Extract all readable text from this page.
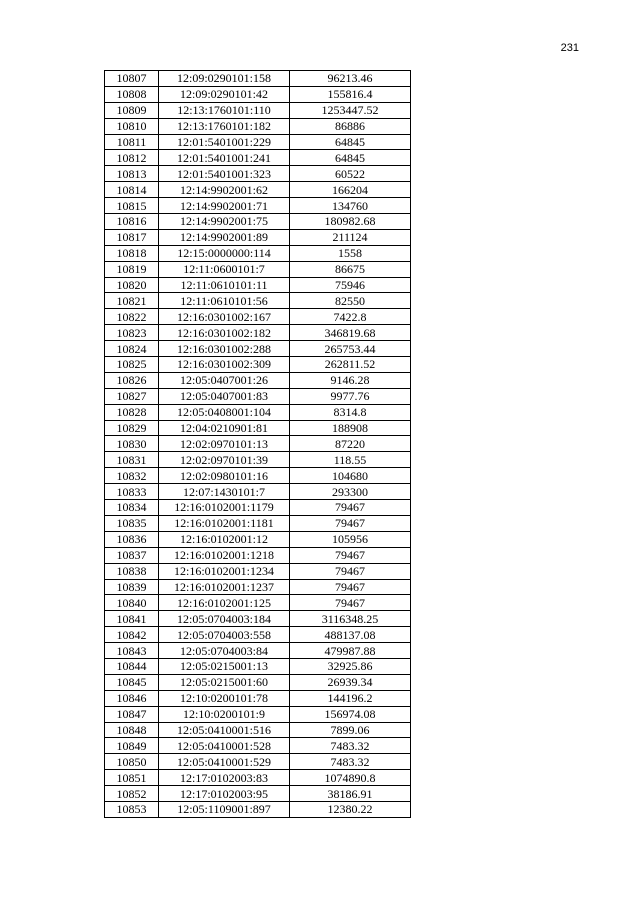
231
10807	12:09:0290101:158	96213.46
10808	12:09:0290101:42	155816.4
10809	12:13:1760101:110	1253447.52
10810	12:13:1760101:182	86886
10811	12:01:5401001:229	64845
10812	12:01:5401001:241	64845
10813	12:01:5401001:323	60522
10814	12:14:9902001:62	166204
10815	12:14:9902001:71	134760
10816	12:14:9902001:75	180982.68
10817	12:14:9902001:89	211124
10818	12:15:0000000:114	1558
10819	12:11:0600101:7	86675
10820	12:11:0610101:11	75946
10821	12:11:0610101:56	82550
10822	12:16:0301002:167	7422.8
10823	12:16:0301002:182	346819.68
10824	12:16:0301002:288	265753.44
10825	12:16:0301002:309	262811.52
10826	12:05:0407001:26	9146.28
10827	12:05:0407001:83	9977.76
10828	12:05:0408001:104	8314.8
10829	12:04:0210901:81	188908
10830	12:02:0970101:13	87220
10831	12:02:0970101:39	118.55
10832	12:02:0980101:16	104680
10833	12:07:1430101:7	293300
10834	12:16:0102001:1179	79467
10835	12:16:0102001:1181	79467
10836	12:16:0102001:12	105956
10837	12:16:0102001:1218	79467
10838	12:16:0102001:1234	79467
10839	12:16:0102001:1237	79467
10840	12:16:0102001:125	79467
10841	12:05:0704003:184	3116348.25
10842	12:05:0704003:558	488137.08
10843	12:05:0704003:84	479987.88
10844	12:05:0215001:13	32925.86
10845	12:05:0215001:60	26939.34
10846	12:10:0200101:78	144196.2
10847	12:10:0200101:9	156974.08
10848	12:05:0410001:516	7899.06
10849	12:05:0410001:528	7483.32
10850	12:05:0410001:529	7483.32
10851	12:17:0102003:83	1074890.8
10852	12:17:0102003:95	38186.91
10853	12:05:1109001:897	12380.22
